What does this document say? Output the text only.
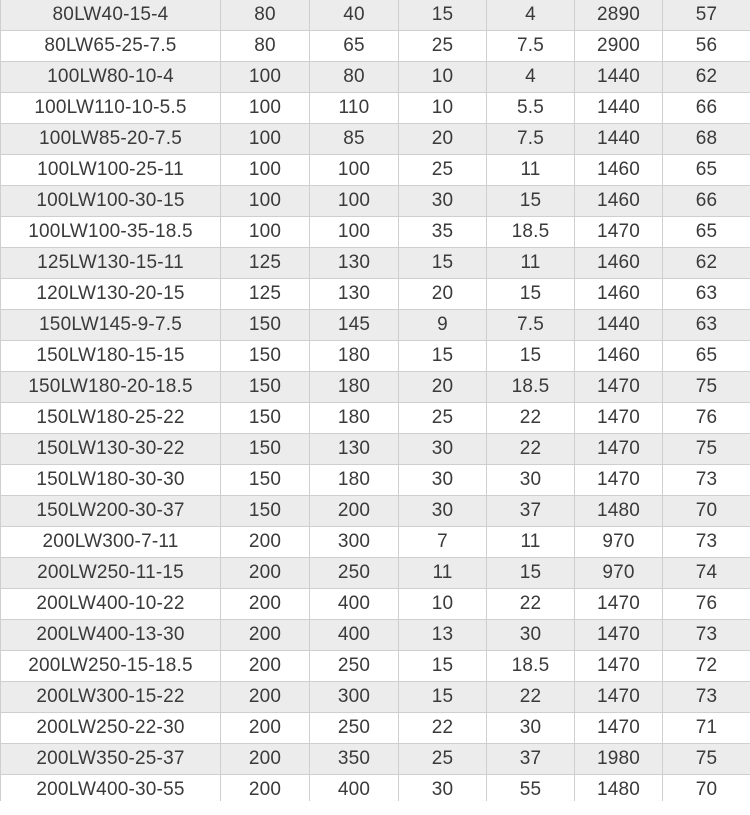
80LW40-15-4	80	40	15	4	2890	57
80LW65-25-7.5	80	65	25	7.5	2900	56
100LW80-10-4	100	80	10	4	1440	62
100LW110-10-5.5	100	110	10	5.5	1440	66
100LW85-20-7.5	100	85	20	7.5	1440	68
100LW100-25-11	100	100	25	11	1460	65
100LW100-30-15	100	100	30	15	1460	66
100LW100-35-18.5	100	100	35	18.5	1470	65
125LW130-15-11	125	130	15	11	1460	62
120LW130-20-15	125	130	20	15	1460	63
150LW145-9-7.5	150	145	9	7.5	1440	63
150LW180-15-15	150	180	15	15	1460	65
150LW180-20-18.5	150	180	20	18.5	1470	75
150LW180-25-22	150	180	25	22	1470	76
150LW130-30-22	150	130	30	22	1470	75
150LW180-30-30	150	180	30	30	1470	73
150LW200-30-37	150	200	30	37	1480	70
200LW300-7-11	200	300	7	11	970	73
200LW250-11-15	200	250	11	15	970	74
200LW400-10-22	200	400	10	22	1470	76
200LW400-13-30	200	400	13	30	1470	73
200LW250-15-18.5	200	250	15	18.5	1470	72
200LW300-15-22	200	300	15	22	1470	73
200LW250-22-30	200	250	22	30	1470	71
200LW350-25-37	200	350	25	37	1980	75
200LW400-30-55	200	400	30	55	1480	70
